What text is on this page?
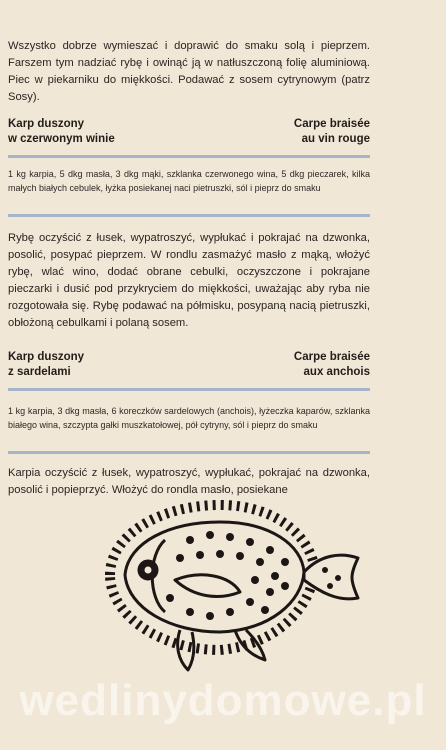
Wszystko dobrze wymieszać i doprawić do smaku solą i pieprzem. Farszem tym nadziać rybę i owinąć ją w natłuszczoną folię aluminiową. Piec w piekarniku do miękkości. Podawać z sosem cytrynowym (patrz Sosy).

Karp duszony
w czerwonym winie
Carpe braisée
au vin rouge

1 kg karpia, 5 dkg masła, 3 dkg mąki, szklanka czerwonego wina, 5 dkg pieczarek, kilka małych białych cebulek, łyżka posiekanej naci pietruszki, sól i pieprz do smaku

Rybę oczyścić z łusek, wypatroszyć, wypłukać i pokrajać na dzwonka, posolić, posypać pieprzem. W rondlu zasmażyć masło z mąką, włożyć rybę, wlać wino, dodać obrane cebulki, oczyszczone i pokrajane pieczarki i dusić pod przykryciem do miękkości, uważając aby ryba nie rozgotowała się. Rybę podawać na półmisku, posypaną nacią pietruszki, obłożoną cebulkami i polaną sosem.

Karp duszony
z sardelami
Carpe braisée
aux anchois

1 kg karpia, 3 dkg masła, 6 koreczków sardelowych (anchois), łyżeczka kaparów, szklanka białego wina, szczypta gałki muszkatołowej, pół cytryny, sól i pieprz do smaku

Karpia oczyścić z łusek, wypatroszyć, wypłukać, pokrajać na dzwonka, posolić i popieprzyć. Włożyć do rondla masło, posiekane

wedlinydomowe.pl
